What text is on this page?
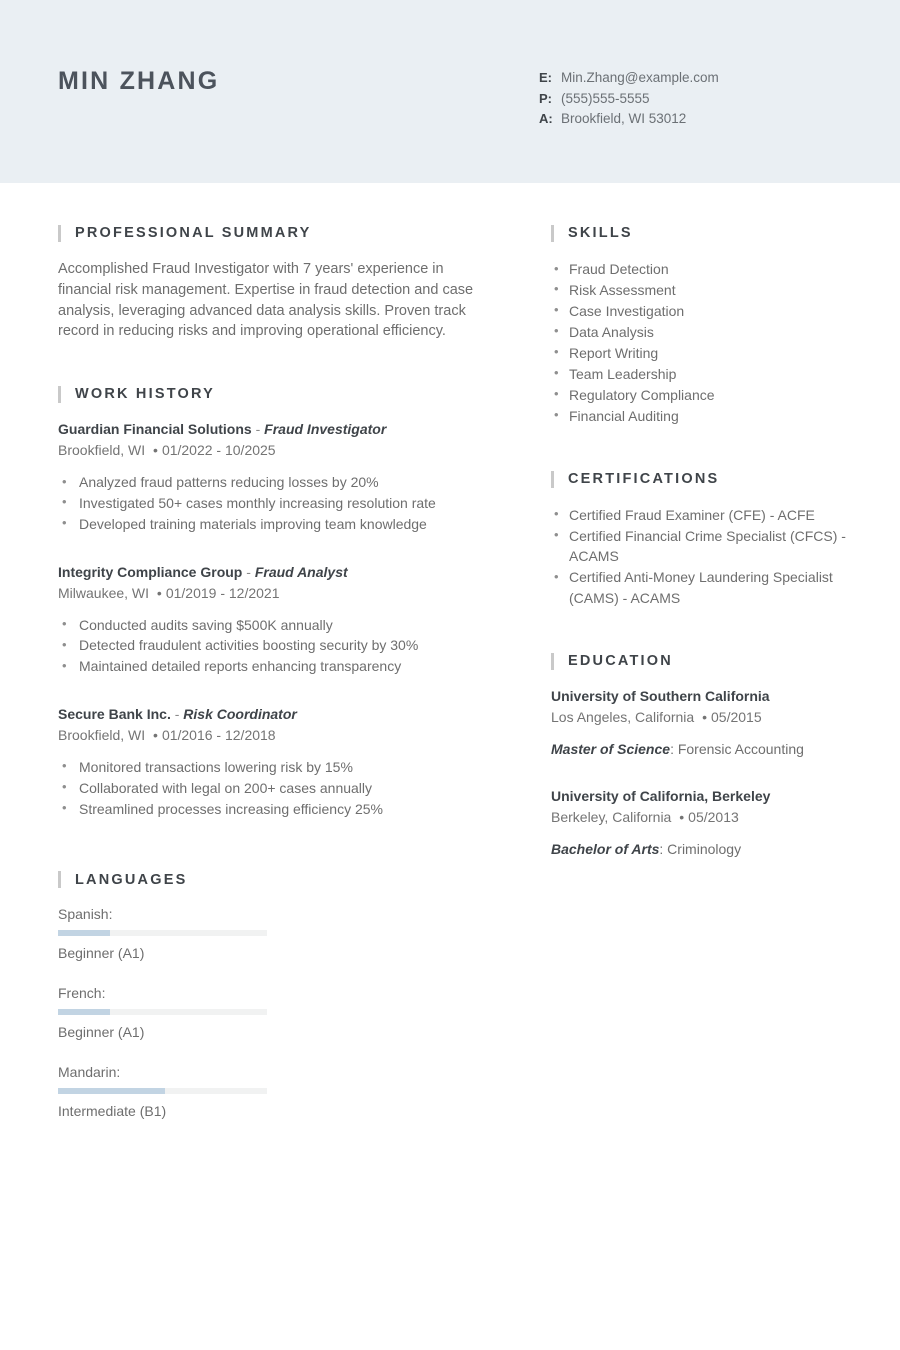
MIN ZHANG	E: Min.Zhang@example.com
P: (555)555-5555
A: Brookfield, WI 53012
PROFESSIONAL SUMMARY

Accomplished Fraud Investigator with 7 years' experience in financial risk management. Expertise in fraud detection and case analysis, leveraging advanced data analysis skills. Proven track record in reducing risks and improving operational efficiency.

WORK HISTORY

Guardian Financial Solutions - Fraud Investigator

Brookfield, WI • 01/2022 - 10/2025

• Analyzed fraud patterns reducing losses by 20%
• Investigated 50+ cases monthly increasing resolution rate
• Developed training materials improving team knowledge

Integrity Compliance Group - Fraud Analyst

Milwaukee, WI • 01/2019 - 12/2021

• Conducted audits saving $500K annually
• Detected fraudulent activities boosting security by 30%
• Maintained detailed reports enhancing transparency

Secure Bank Inc. - Risk Coordinator

Brookfield, WI • 01/2016 - 12/2018

• Monitored transactions lowering risk by 15%
• Collaborated with legal on 200+ cases annually
• Streamlined processes increasing efficiency 25%
LANGUAGES

Spanish:

Beginner (A1)

French:

Beginner (A1)

Mandarin:

Intermediate (B1)

SKILLS
• Fraud Detection
• Risk Assessment
• Case Investigation
• Data Analysis
• Report Writing
• Team Leadership
• Regulatory Compliance
• Financial Auditing
CERTIFICATIONS
• Certified Fraud Examiner (CFE) - ACFE
• Certified Financial Crime Specialist (CFCS) - ACAMS
• Certified Anti-Money Laundering Specialist (CAMS) - ACAMS
EDUCATION

University of Southern California

Los Angeles, California • 05/2015

Master of Science: Forensic Accounting

University of California, Berkeley

Berkeley, California • 05/2013

Bachelor of Arts: Criminology
